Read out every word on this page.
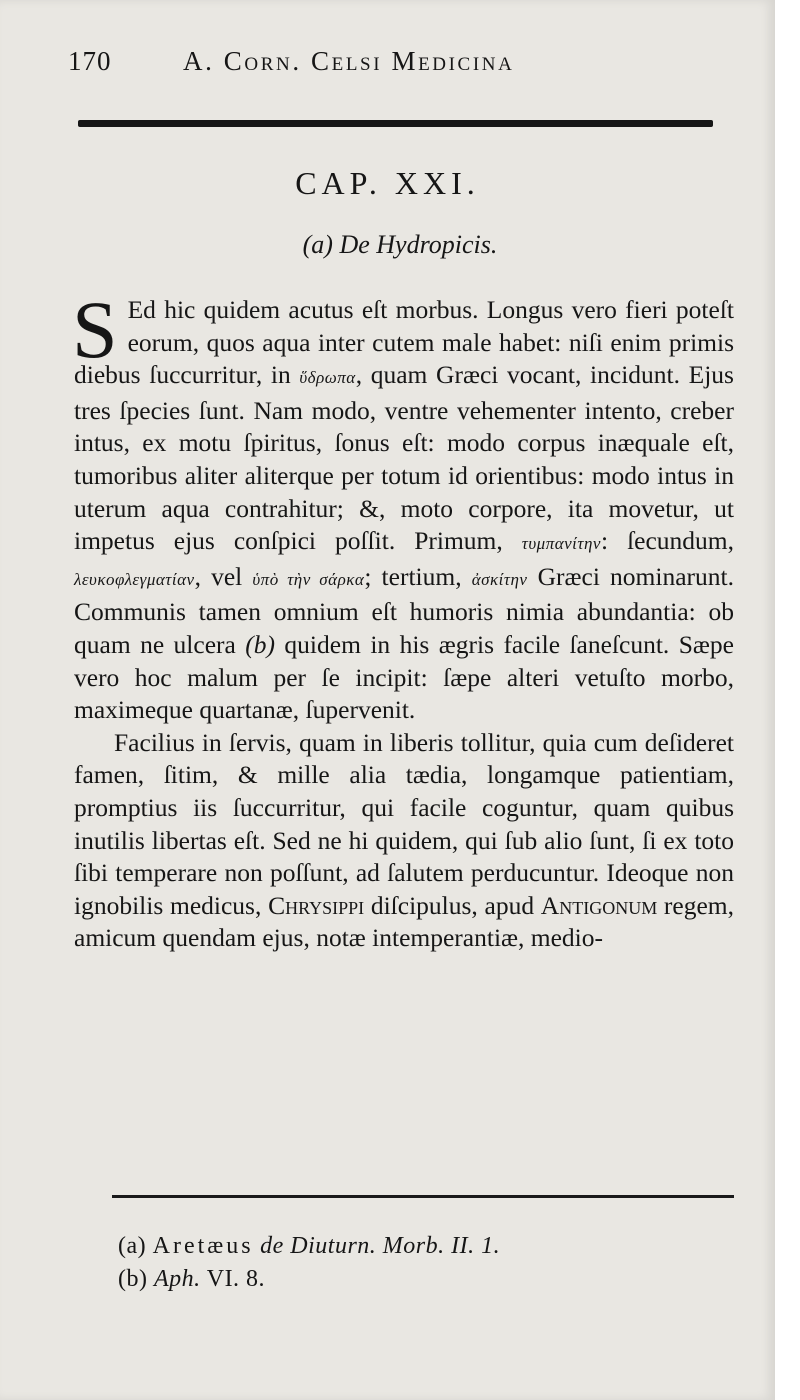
170	A. Corn. Celsi Medicina
CAP. XXI.
(a) De Hydropicis.

S Ed hic quidem acutus eſt morbus. Longus vero fieri poteſt eorum, quos aqua inter cutem male habet: niſi enim primis diebus ſuccurritur, in ὕδρωπα, quam Græci vocant, incidunt. Ejus tres ſpecies ſunt. Nam modo, ventre vehementer intento, creber intus, ex motu ſpiritus, ſonus eſt: modo corpus inæquale eſt, tumoribus aliter aliterque per totum id orientibus: modo intus in uterum aqua contrahitur; &, moto corpore, ita movetur, ut impetus ejus conſpici poſſit. Primum, τυμπανίτην: ſecundum, λευκοφλεγματίαν, vel ὑπὸ τὴν σάρκα; tertium, ἀσκίτην Græci nominarunt. Communis tamen omnium eſt humoris nimia abundantia: ob quam ne ulcera (b) quidem in his ægris facile ſaneſcunt. Sæpe vero hoc malum per ſe incipit: ſæpe alteri vetuſto morbo, maximeque quartanæ, ſupervenit.

Facilius in ſervis, quam in liberis tollitur, quia cum deſideret famen, ſitim, & mille alia tædia, longamque patientiam, promptius iis ſuccurritur, qui facile coguntur, quam quibus inutilis libertas eſt. Sed ne hi quidem, qui ſub alio ſunt, ſi ex toto ſibi temperare non poſſunt, ad ſalutem perducuntur. Ideoque non ignobilis medicus, Chrysippi diſcipulus, apud Antigonum regem, amicum quendam ejus, notæ intemperantiæ, medio-

(a) Aretæus de Diuturn. Morb. II. 1.
(b) Aph. VI. 8.
